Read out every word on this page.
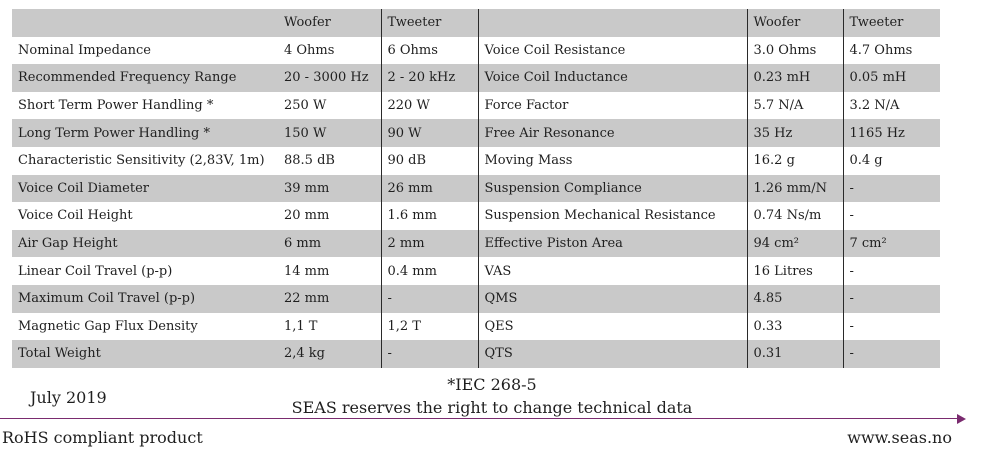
	Woofer	Tweeter		Woofer	Tweeter
Nominal Impedance	4 Ohms	6 Ohms	Voice Coil Resistance	3.0 Ohms	4.7 Ohms
Recommended Frequency Range	20 - 3000 Hz	2 - 20 kHz	Voice Coil Inductance	0.23 mH	0.05 mH
Short Term Power Handling *	250 W	220 W	Force Factor	5.7 N/A	3.2 N/A
Long Term Power Handling *	150 W	90 W	Free Air Resonance	35 Hz	1165 Hz
Characteristic Sensitivity (2,83V, 1m)	88.5 dB	90 dB	Moving Mass	16.2 g	0.4 g
Voice Coil Diameter	39 mm	26 mm	Suspension Compliance	1.26 mm/N	-
Voice Coil Height	20 mm	1.6 mm	Suspension Mechanical Resistance	0.74 Ns/m	-
Air Gap Height	6 mm	2 mm	Effective Piston Area	94 cm²	7 cm²
Linear Coil Travel (p-p)	14 mm	0.4 mm	VAS	16 Litres	-
Maximum Coil Travel (p-p)	22 mm	-	QMS	4.85	-
Magnetic Gap Flux Density	1,1 T	1,2 T	QES	0.33	-
Total Weight	2,4 kg	-	QTS	0.31	-
July 2019
*IEC 268-5
SEAS reserves the right to change technical data
RoHS compliant product	www.seas.no
